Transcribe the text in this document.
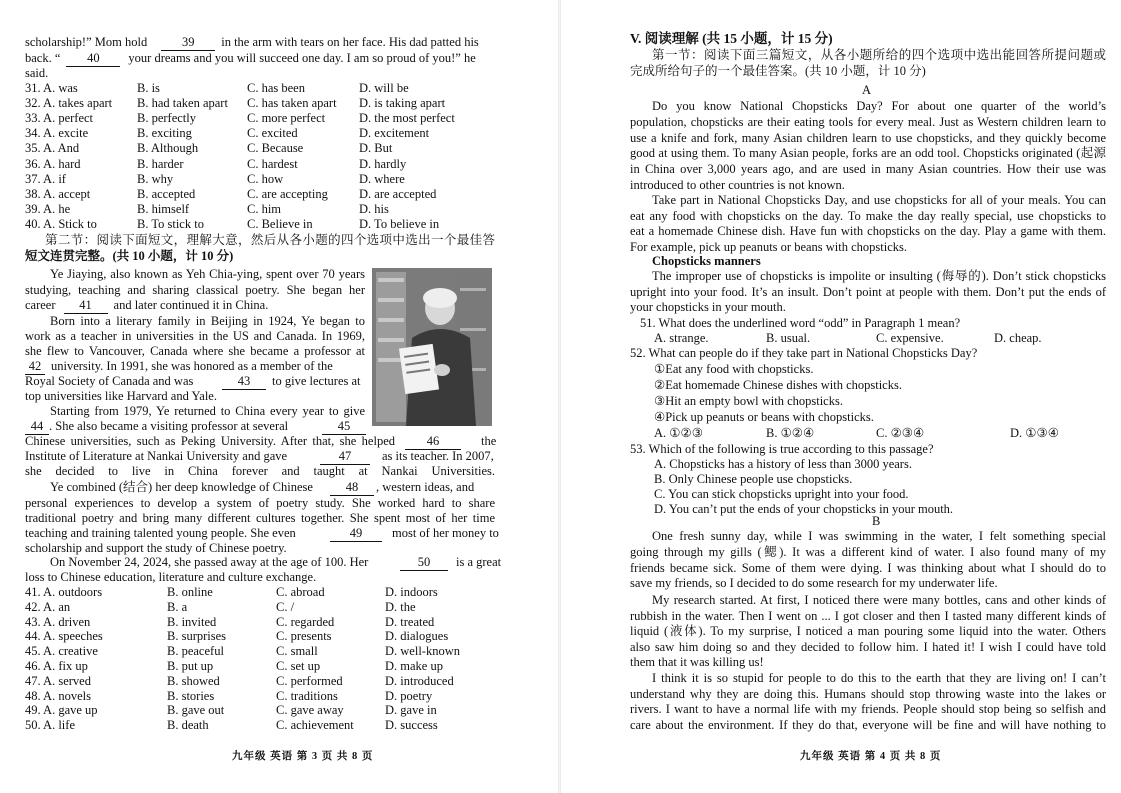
scholarship!” Mom hold	39 in the arm with tears on her face. His dad patted his
back. “ 40 your dreams and you will succeed one day. I am so proud of you!” he
said.
31. A. was	B. is	C. has been	D. will be
32. A. takes apart B. had taken apart C. has taken apart D. is taking apart
33. A. perfect	B. perfectly	C. more perfect	D. the most perfect
34. A. excite	B. exciting	C. excited	D. excitement
35. A. And	B. Although	C. Because	D. But
36. A. hard	B. harder	C. hardest	D. hardly
37. A. if	B. why	C. how	D. where
38. A. accept	B. accepted	C. are accepting D. are accepted
39. A. he	B. himself	C. him	D. his
40. A. Stick to	B. To stick to	C. Believe in	D. To believe in
第二节：阅读下面短文，理解大意，然后从各小题的四个选项中选出一个最佳答
短文连贯完整。(共 10 小题，计 10 分)
Ye Jiaying, also known as Yeh Chia-ying, spent over 70 years
studying, teaching and sharing classical poetry. She began her
career 41 and later continued it in China.
Born into a literary family in Beijing in 1924, Ye began to
work as a teacher in universities in the US and Canada. In 1969,
she flew to Vancouver, Canada where she became a professor at
42 university. In 1991, she was honored as a member of the
Royal Society of Canada and was	43 to give lectures at
top universities like Harvard and Yale.
Starting from 1979, Ye returned to China every year to give
44 . She also became a visiting professor at several	45
Chinese universities, such as Peking University. After that, she helped	46	the
Institute of Literature at Nankai University and gave	47 as its teacher. In 2007,
she decided to live in China forever and taught at Nankai Universities.
Ye combined (结合) her deep knowledge of Chinese	48 , western ideas, and
personal experiences to develop a system of poetry study. She worked hard to share
traditional poetry and bring many different cultures together. She spent most of her time
teaching and training talented young people. She even	49 most of her money to
scholarship and support the study of Chinese poetry.
On November 24, 2024, she passed away at the age of 100. Her	50 is a great
loss to Chinese education, literature and culture exchange.
41. A. outdoors	B. online	C. abroad	D. indoors
42. A. an	B. a	C. /	D. the
43. A. driven	B. invited	C. regarded	D. treated
44. A. speeches	B. surprises	C. presents	D. dialogues
45. A. creative	B. peaceful	C. small	D. well-known
46. A. fix up	B. put up	C. set up	D. make up
47. A. served	B. showed	C. performed	D. introduced
48. A. novels	B. stories	C. traditions	D. poetry
49. A. gave up	B. gave out	C. gave away	D. gave in
50. A. life	B. death	C. achievement	D. success
九年级 英语 第 3 页 共 8 页
V. 阅读理解 (共 15 小题，计 15 分)
第一节：阅读下面三篇短文，从各小题所给的四个选项中选出能回答所提问题或
完成所给句子的一个最佳答案。(共 10 小题，计 10 分)
A
Do you know National Chopsticks Day? For about one quarter of the world’s
population, chopsticks are their eating tools for every meal. Just as Western children learn to
use a knife and fork, many Asian children learn to use chopsticks, and they quickly become
good at using them. To many Asian people, forks are an odd tool. Chopsticks originated (起源
in China over 3,000 years ago, and are used in many Asian countries. How their use was
introduced to other countries is not known.
Take part in National Chopsticks Day, and use chopsticks for all of your meals. You can
eat any food with chopsticks on the day. To make the day really special, use chopsticks to
eat a homemade Chinese dish. Have fun with chopsticks on the day. Play a game with them.
For example, pick up peanuts or beans with chopsticks.
Chopsticks manners
The improper use of chopsticks is impolite or insulting (侮辱的). Don’t stick chopsticks
upright into your food. It’s an insult. Don’t point at people with them. Don’t put the ends of
your chopsticks in your mouth.
51. What does the underlined word “odd” in Paragraph 1 mean?
A. strange.	B. usual.	C. expensive.	D. cheap.
52. What can people do if they take part in National Chopsticks Day?
①Eat any food with chopsticks.
②Eat homemade Chinese dishes with chopsticks.
③Hit an empty bowl with chopsticks.
④Pick up peanuts or beans with chopsticks.
A. ①②③	B. ①②④	C. ②③④	D. ①③④
53. Which of the following is true according to this passage?
A. Chopsticks has a history of less than 3000 years.
B. Only Chinese people use chopsticks.
C. You can stick chopsticks upright into your food.
D. You can’t put the ends of your chopsticks in your mouth.
B
One fresh sunny day, while I was swimming in the water, I felt something special
going through my gills (鳃). It was a different kind of water. I also found many of my
friends became sick. Some of them were dying. I was thinking about what I should do to
save my friends, so I decided to do some research for my underwater life.
My research started. At first, I noticed there were many bottles, cans and other kinds of
rubbish in the water. Then I went on ... I got closer and then I tasted many different kinds of
liquid (液体). To my surprise, I noticed a man pouring some liquid into the water. Others
also saw him doing so and they decided to follow him. I hated it! I wish I could have told
them that it was killing us!
I think it is so stupid for people to do this to the earth that they are living on! I can’t
understand why they are doing this. Humans should stop throwing waste into the lakes or
rivers. I want to have a normal life with my friends. People should stop being so selfish and
care about the environment. If they do that, everyone will be fine and will have nothing to
九年级 英语 第 4 页 共 8 页
